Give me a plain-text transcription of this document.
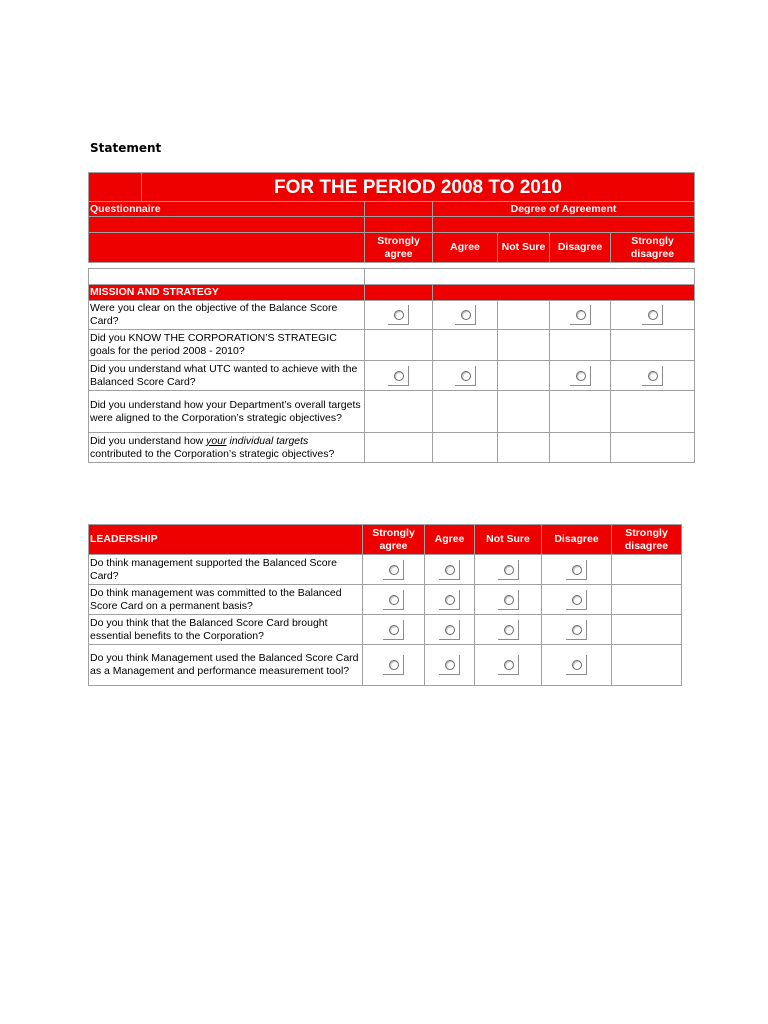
Statement
	FOR THE PERIOD 2008 TO 2010					
Questionnaire			Degree of Agreement			

		Strongly agree	Agree	Not Sure	Disagree	Strongly disagree

MISSION AND STRATEGY						
Were you clear on the objective of the Balance Score Card?						
Did you KNOW THE CORPORATION’S STRATEGIC goals for the period 2008 - 2010?						
Did you understand what UTC wanted to achieve with the Balanced Score Card?						
Did you understand how your Department’s overall targets were aligned to the Corporation’s strategic objectives?						
Did you understand how your individual targets contributed to the Corporation’s strategic objectives?						
LEADERSHIP	Strongly agree	Agree	Not Sure	Disagree	Strongly disagree
Do think management supported the Balanced Score Card?					
Do think management was committed to the Balanced Score Card on a permanent basis?					
Do you think that the Balanced Score Card brought essential benefits to the Corporation?					
Do you think Management used the Balanced Score Card as a Management and performance measurement tool?					
